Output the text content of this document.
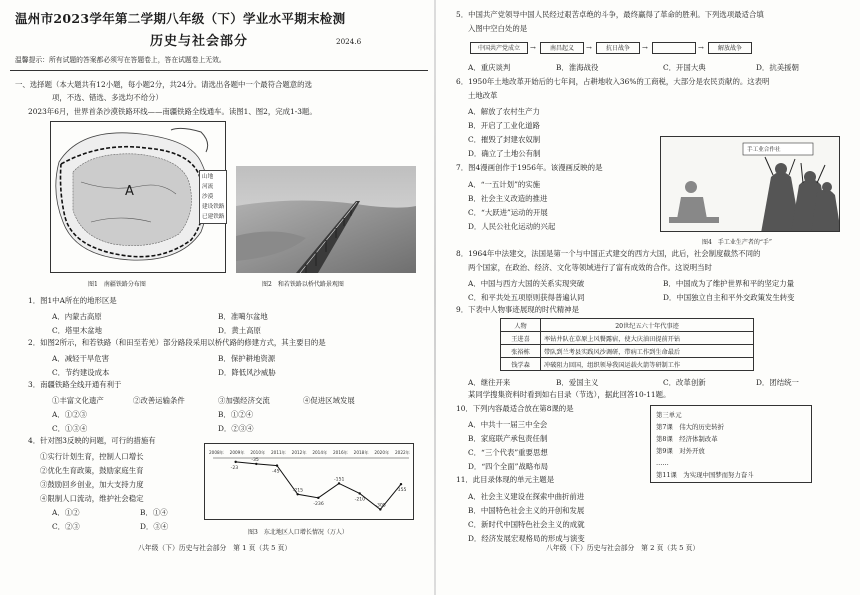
温州市2023学年第二学期八年级（下）学业水平期末检测
历史与社会部分	2024.6
温馨提示：所有试题的答案都必须写在答题卷上，答在试题卷上无效。
一、选择题（本大题共有12小题，每小题2分，共24分。请选出各题中一个最符合题意的选
项，不选、错选、多选均不给分）
2023年6月，世界首条沙漠铁路环线——南疆铁路全线通车。读图1、图2，完成1-3题。
A
山地
河流
沙漠
建设铁路
已建铁路
图1　南疆铁路分布图	图2　和若铁路以桥代路景观图
1．图1中A所在的地形区是
A．内蒙古高原	B．准噶尔盆地
C．塔里木盆地	D．黄土高原
2．如图2所示，和若铁路（和田至若羌）部分路段采用以桥代路的修建方式，其主要目的是
A．减轻干旱危害	B．保护耕地资源
C．节约建设成本	D．降低风沙威胁
3．南疆铁路全线开通有利于
①丰富文化遗产	②改善运输条件	③加强经济交流	④促进区域发展
A．①②③	B．①②④
C．①③④	D．②③④
4．针对图3反映的问题，可行的措施有
①实行计划生育，控制人口增长
②优化生育政策，鼓励家庭生育
③鼓励回乡创业，加大支持力度
④限制人口流动，维护社会稳定
A．①②	B．①④
C．②③	D．③④
2008年 2009年 2010年 2011年 2012年 2014年 2016年 2018年 2020年 2022年
-23
-35
-45
-215
-236
-151
-210
-305
-155
图3　东北地区人口增长情况（万人）
八年级（下）历史与社会部分　第 1 页（共 5 页）
5．中国共产党领导中国人民经过艰苦卓绝的斗争，最终赢得了革命的胜利。下列选项最适合填
入图中空白处的是
中国共产党成立	→	南昌起义	→	抗日战争	→	→	解放战争
A．重庆谈判	B．淮海战役	C．开国大典	D．抗美援朝
6．1950年土地改革开始后的七年间，占耕地收入36%的工商税，大部分是农民贡献的。这表明
土地改革
A．解放了农村生产力
B．开启了工业化道路
C．摧毁了封建农奴制
D．确立了土地公有制
7．图4漫画创作于1956年。该漫画反映的是
A．“一五计划”的实施
B．社会主义改造的推进
C．“大跃进”运动的开展
D．人民公社化运动的兴起
手工业合作社
图4　手工业生产者的“手”
8．1964年中法建交，法国是第一个与中国正式建交的西方大国，此后，社会制度截然不同的
两个国家，在政治、经济、文化等领域进行了富有成效的合作。这说明当时
A．中国与西方大国的关系实现突破	B．中国成为了维护世界和平的坚定力量
C．和平共处五项原则获得普遍认同	D．中国独立自主和平外交政策发生转变
9．下表中人物事迹展现的时代精神是
人物	20世纪五六十年代事迹
王进喜	率钻井队在草原上风餐露宿，使大庆油田提前开钻
张裕栋	带队到兰考县实践风沙调研，带病工作到生命最后
钱学森	冲破阻力回国，组织领导我国运载火箭等研制工作
A．继往开来	B．爱国主义	C．改革创新	D．团结统一
某同学搜集资料时看到如右目录（节选），据此回答10-11题。
第三单元
第7课　伟大的历史转折
第8课　经济体制改革
第9课　对外开放
……
第11课　为实现中国梦而努力奋斗
10．下列内容最适合放在第8课的是
A．中共十一届三中全会
B．家庭联产承包责任制
C．“三个代表”重要思想
D．“四个全面”战略布局
11．此目录体现的单元主题是
A．社会主义建设在探索中曲折前进
B．中国特色社会主义的开创和发展
C．新时代中国特色社会主义的成就
D．经济发展宏观格局的形成与演变
八年级（下）历史与社会部分　第 2 页（共 5 页）
